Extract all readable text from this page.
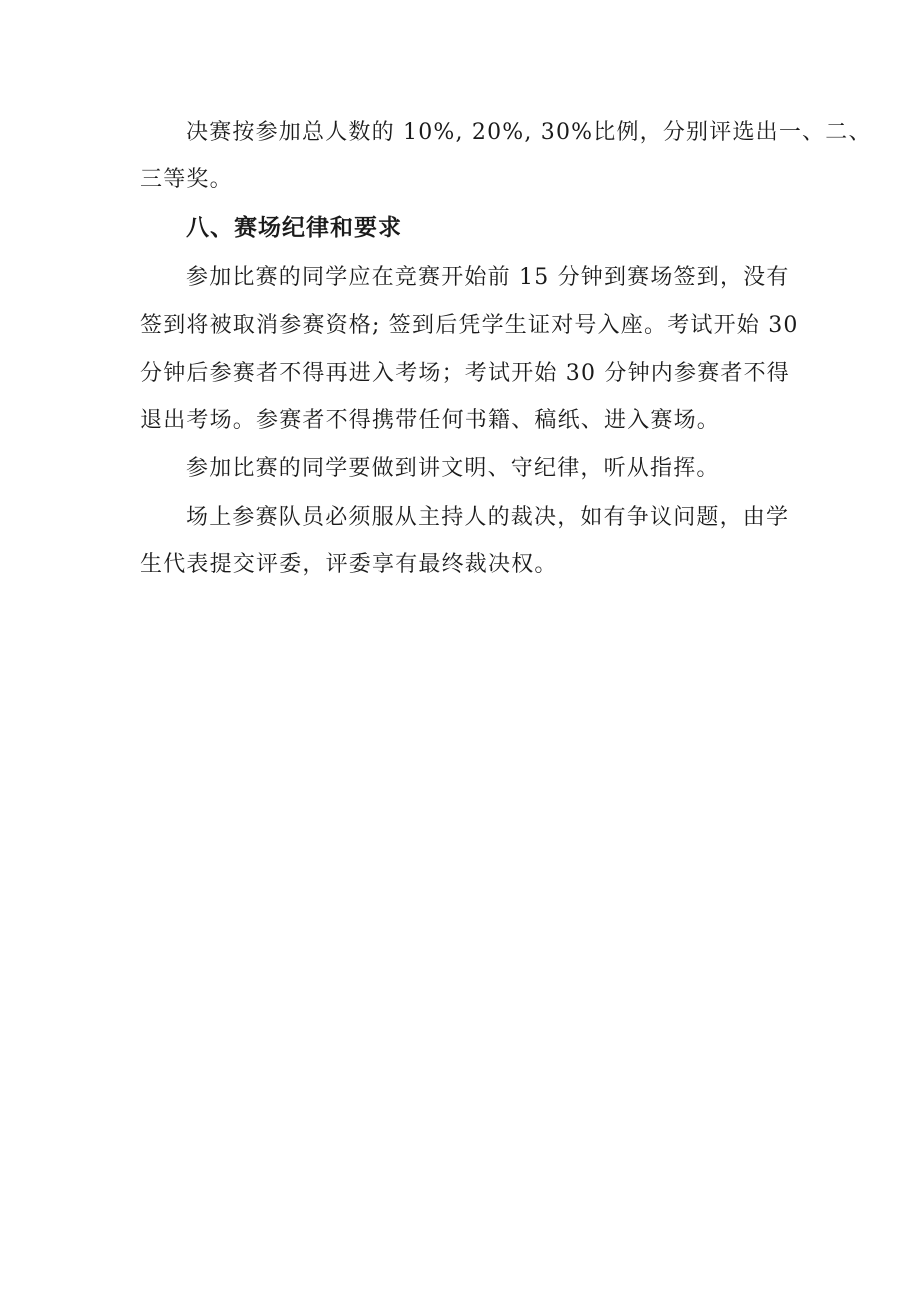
决赛按参加总人数的 10%, 20%, 30%比例，分别评选出一、二、
三等奖。
八、赛场纪律和要求
参加比赛的同学应在竞赛开始前 15 分钟到赛场签到，没有
签到将被取消参赛资格; 签到后凭学生证对号入座。考试开始 30
分钟后参赛者不得再进入考场；考试开始 30 分钟内参赛者不得
退出考场。参赛者不得携带任何书籍、稿纸、进入赛场。
参加比赛的同学要做到讲文明、守纪律，听从指挥。
场上参赛队员必须服从主持人的裁决，如有争议问题，由学
生代表提交评委，评委享有最终裁决权。
